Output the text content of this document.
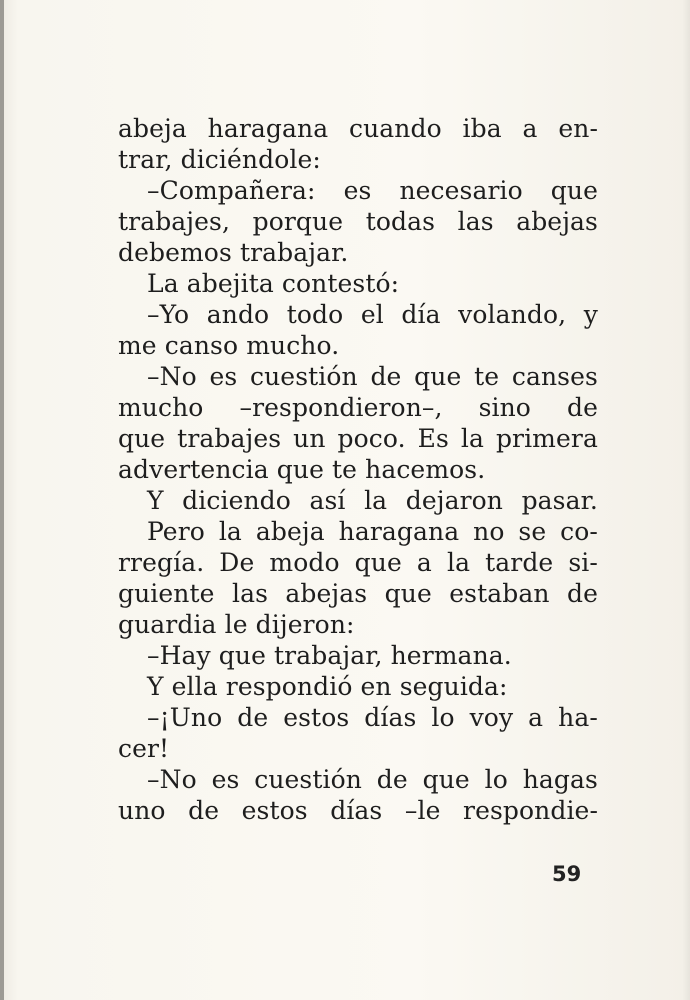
abeja haragana cuando iba a en-
trar, diciéndole:
–Compañera: es necesario que
trabajes, porque todas las abejas
debemos trabajar.
La abejita contestó:
–Yo ando todo el día volando, y
me canso mucho.
–No es cuestión de que te canses
mucho –respondieron–, sino de
que trabajes un poco. Es la primera
advertencia que te hacemos.
Y diciendo así la dejaron pasar.
Pero la abeja haragana no se co-
rregía. De modo que a la tarde si-
guiente las abejas que estaban de
guardia le dijeron:
–Hay que trabajar, hermana.
Y ella respondió en seguida:
–¡Uno de estos días lo voy a ha-
cer!
–No es cuestión de que lo hagas
uno de estos días –le respondie-
59
